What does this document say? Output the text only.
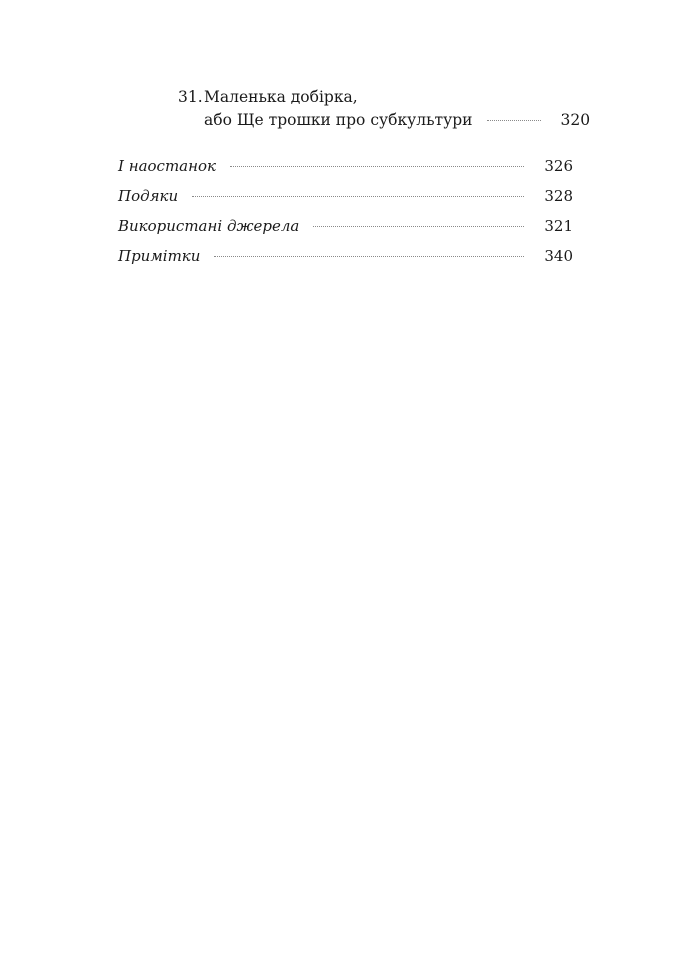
31. Маленька добірка,
або Ще трошки про субкультури	320
І наостанок	326
Подяки	328
Використані джерела	321
Примітки	340
